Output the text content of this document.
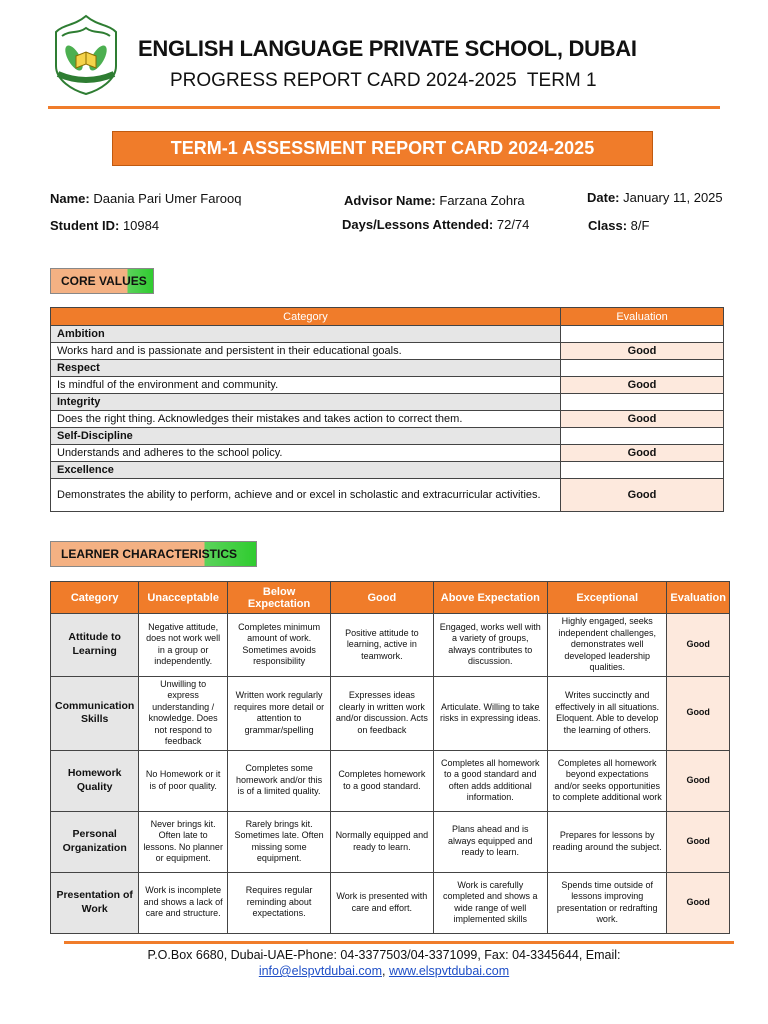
ENGLISH LANGUAGE PRIVATE SCHOOL, DUBAI
PROGRESS REPORT CARD 2024-2025  TERM 1
TERM-1 ASSESSMENT REPORT CARD 2024-2025
Name: Daania Pari Umer Farooq	Advisor Name: Farzana Zohra	Date: January 11, 2025
Student ID: 10984	Days/Lessons Attended: 72/74	Class: 8/F
CORE VALUES
Category	Evaluation
Ambition	
Works hard and is passionate and persistent in their educational goals.	Good
Respect	
Is mindful of the environment and community.	Good
Integrity	
Does the right thing. Acknowledges their mistakes and takes action to correct them.	Good
Self-Discipline	
Understands and adheres to the school policy.	Good
Excellence	
Demonstrates the ability to perform, achieve and or excel in scholastic and extracurricular activities.	Good
LEARNER CHARACTERISTICS
Category	Unacceptable	Below Expectation	Good	Above Expectation	Exceptional	Evaluation
Attitude to Learning	Negative attitude, does not work well in a group or independently.	Completes minimum amount of work. Sometimes avoids responsibility	Positive attitude to learning, active in teamwork.	Engaged, works well with a variety of groups, always contributes to discussion.	Highly engaged, seeks independent challenges, demonstrates well developed leadership qualities.	Good
Communication Skills	Unwilling to express understanding / knowledge. Does not respond to feedback	Written work regularly requires more detail or attention to grammar/spelling	Expresses ideas clearly in written work and/or discussion. Acts on feedback	Articulate. Willing to take risks in expressing ideas.	Writes succinctly and effectively in all situations. Eloquent. Able to develop the learning of others.	Good
Homework Quality	No Homework or it is of poor quality.	Completes some homework and/or this is of a limited quality.	Completes homework to a good standard.	Completes all homework to a good standard and often adds additional information.	Completes all homework beyond expectations and/or seeks opportunities to complete additional work	Good
Personal Organization	Never brings kit. Often late to lessons. No planner or equipment.	Rarely brings kit. Sometimes late. Often missing some equipment.	Normally equipped and ready to learn.	Plans ahead and is always equipped and ready to learn.	Prepares for lessons by reading around the subject.	Good
Presentation of Work	Work is incomplete and shows a lack of care and structure.	Requires regular reminding about expectations.	Work is presented with care and effort.	Work is carefully completed and shows a wide range of well implemented skills	Spends time outside of lessons improving presentation or redrafting work.	Good
P.O.Box 6680, Dubai-UAE-Phone: 04-3377503/04-3371099, Fax: 04-3345644, Email:
info@elspvtdubai.com, www.elspvtdubai.com
